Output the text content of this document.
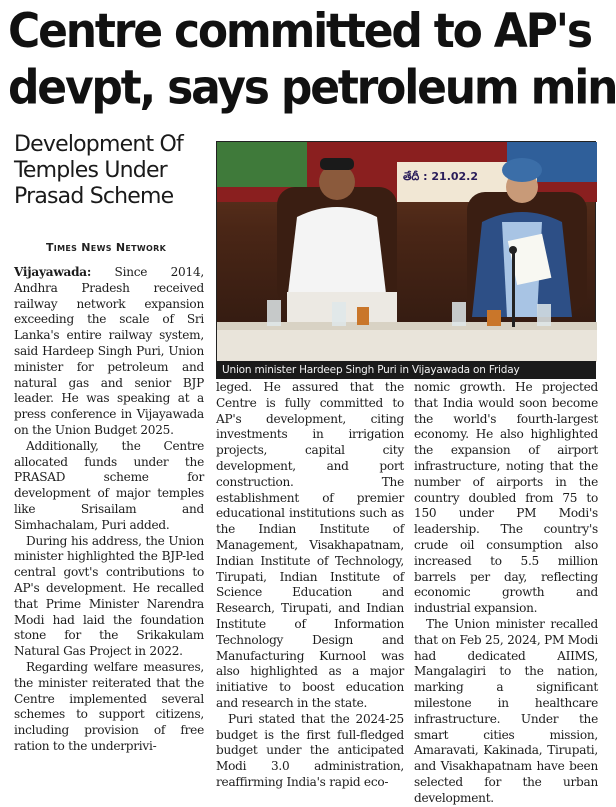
Centre committed to AP's
devpt, says petroleum min
Development Of
Temples Under
Prasad Scheme
Times News Network
తేదీ : 21.02.2
Union minister Hardeep Singh Puri in Vijayawada on Friday

Vijayawada: Since 2014, Andhra Pradesh received railway network expansion exceeding the scale of Sri Lanka's entire railway system, said Hardeep Singh Puri, Union minister for petroleum and natural gas and senior BJP leader. He was speaking at a press conference in Vijayawada on the Union Budget 2025.

Additionally, the Centre allocated funds under the PRASAD scheme for development of major temples like Srisailam and Simhachalam, Puri added.

During his address, the Union minister highlighted the BJP-led central govt's contributions to AP's development. He recalled that Prime Minister Narendra Modi had laid the foundation stone for the Srikakulam Natural Gas Project in 2022.

Regarding welfare measures, the minister reiterated that the Centre implemented several schemes to support citizens, including provision of free ration to the underprivi-

leged. He assured that the Centre is fully committed to AP's development, citing investments in irrigation projects, capital city development, and port construction. The establishment of premier educational institutions such as the Indian Institute of Management, Visakhapatnam, Indian Institute of Technology, Tirupati, Indian Institute of Science Education and Research, Tirupati, and Indian Institute of Information Technology Design and Manufacturing Kurnool was also highlighted as a major initiative to boost education and research in the state.

Puri stated that the 2024-25 budget is the first full-fledged budget under the anticipated Modi 3.0 administration, reaffirming India's rapid eco-

nomic growth. He projected that India would soon become the world's fourth-largest economy. He also highlighted the expansion of airport infrastructure, noting that the number of airports in the country doubled from 75 to 150 under PM Modi's leadership. The country's crude oil consumption also increased to 5.5 million barrels per day, reflecting economic growth and industrial expansion.

The Union minister recalled that on Feb 25, 2024, PM Modi had dedicated AIIMS, Mangalagiri to the nation, marking a significant milestone in healthcare infrastructure. Under the smart cities mission, Amaravati, Kakinada, Tirupati, and Visakhapatnam have been selected for the urban development.
